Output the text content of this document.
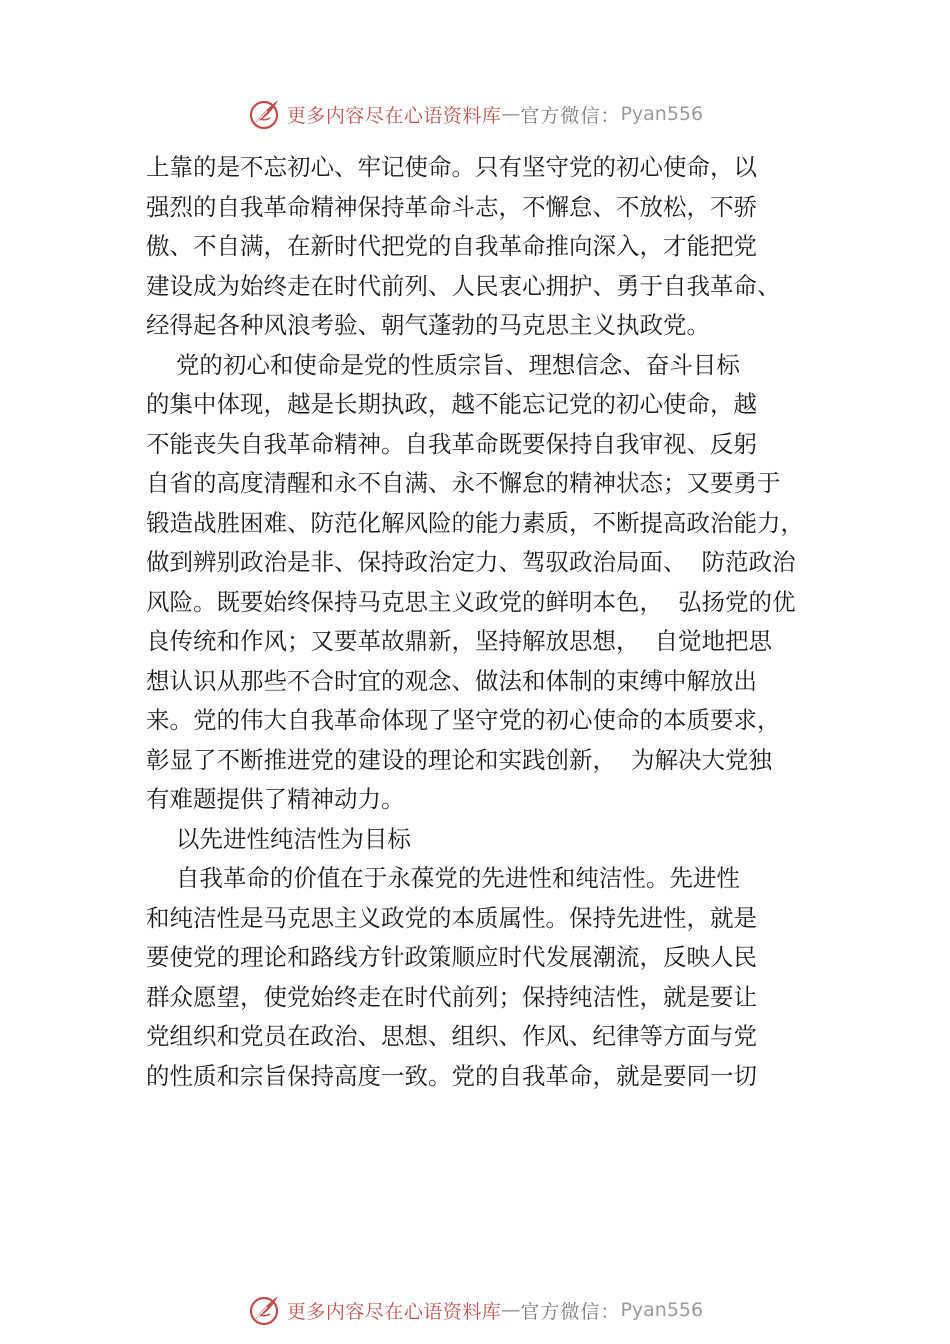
更多内容尽在心语资料库 — 官方微信： Pyan556
上靠的是不忘初心、牢记使命。只有坚守党的初心使命，以
强烈的自我革命精神保持革命斗志，不懈怠、不放松，不骄
傲、不自满，在新时代把党的自我革命推向深入，才能把党
建设成为始终走在时代前列、人民衷心拥护、勇于自我革命、
经得起各种风浪考验、朝气蓬勃的马克思主义执政党。
党的初心和使命是党的性质宗旨、理想信念、奋斗目标
的集中体现，越是长期执政，越不能忘记党的初心使命，越
不能丧失自我革命精神。自我革命既要保持自我审视、反躬
自省的高度清醒和永不自满、永不懈怠的精神状态；又要勇于
锻造战胜困难、防范化解风险的能力素质，不断提高政治能力，
做到辨别政治是非、保持政治定力、驾驭政治局面、  防范政治
风险。既要始终保持马克思主义政党的鲜明本色，  弘扬党的优
良传统和作风；又要革故鼎新，坚持解放思想，  自觉地把思
想认识从那些不合时宜的观念、做法和体制的束缚中解放出
来。党的伟大自我革命体现了坚守党的初心使命的本质要求，
彰显了不断推进党的建设的理论和实践创新，  为解决大党独
有难题提供了精神动力。
以先进性纯洁性为目标
自我革命的价值在于永葆党的先进性和纯洁性。先进性
和纯洁性是马克思主义政党的本质属性。保持先进性，就是
要使党的理论和路线方针政策顺应时代发展潮流，反映人民
群众愿望，使党始终走在时代前列；保持纯洁性，就是要让
党组织和党员在政治、思想、组织、作风、纪律等方面与党
的性质和宗旨保持高度一致。党的自我革命，就是要同一切
更多内容尽在心语资料库 — 官方微信： Pyan556
